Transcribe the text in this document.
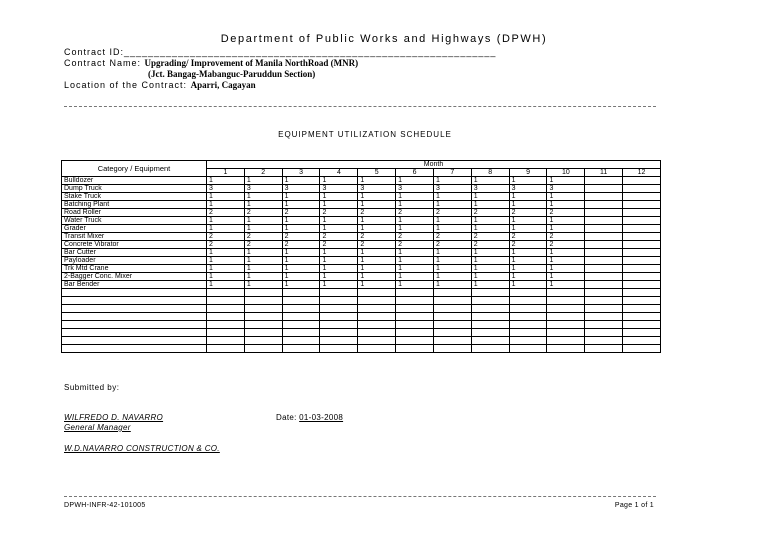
Department of Public Works and Highways (DPWH)
Contract ID:______________________________________________________________
Contract Name: Upgrading/ Improvement of Manila NorthRoad (MNR)
(Jct. Bangag-Mabanguc-Paruddun Section)
Location of the Contract: Aparri, Cagayan
EQUIPMENT UTILIZATION SCHEDULE
Category / Equipment	Month											
	1	2	3	4	5	6	7	8	9	10	11	12
Bulldozer	1	1	1	1	1	1	1	1	1	1		
Dump Truck	3	3	3	3	3	3	3	3	3	3		
Stake Truck	1	1	1	1	1	1	1	1	1	1		
Batching Plant	1	1	1	1	1	1	1	1	1	1		
Road Roller	2	2	2	2	2	2	2	2	2	2		
Water Truck	1	1	1	1	1	1	1	1	1	1		
Grader	1	1	1	1	1	1	1	1	1	1		
Transit Mixer	2	2	2	2	2	2	2	2	2	2		
Concrete Vibrator	2	2	2	2	2	2	2	2	2	2		
Bar Cutter	1	1	1	1	1	1	1	1	1	1		
Payloader	1	1	1	1	1	1	1	1	1	1		
Trk Mtd Crane	1	1	1	1	1	1	1	1	1	1		
2-Bagger Conc. Mixer	1	1	1	1	1	1	1	1	1	1		
Bar Bender	1	1	1	1	1	1	1	1	1	1		

Submitted by:
WILFREDO D. NAVARRO
General Manager
W.D.NAVARRO CONSTRUCTION & CO.
Date: 01-03-2008
DPWH-INFR-42-101005	Page 1 of 1
